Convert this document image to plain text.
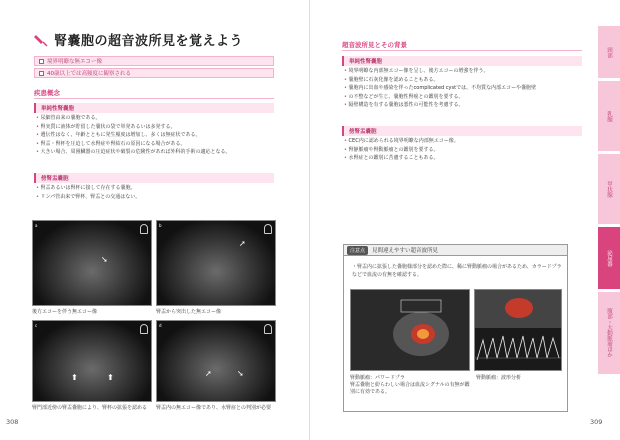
腎嚢胞の超音波所見を覚えよう
境界明瞭な無エコー像
40歳以上では高頻度に観察される
疾患概念
単純性腎嚢胞
• 尿細管由来の嚢胞である。
• 腎実質に液体が貯留した嚢状の袋で単発あるいは多発する。
• 遺伝性はなく、年齢とともに発生頻度は増加し、多くは無症状である。
• 腎盂・腎杯を圧迫して水腎症や腎結石の原因になる場合がある。
• 大きい場合、周囲臓器の圧迫症状や破裂の危険性があれば外科的手術の適応となる。
傍腎盂嚢胞
• 腎盂あるいは腎杯に接して存在する嚢胞。
• リンパ管由来で腎杯、腎盂との交通はない。
a
➘
後方エコーを伴う無エコー像
b
➚
腎盂から突出した無エコー像
c
⬆	⬆
腎門部近傍の腎盂嚢胞により、腎杯の拡張を認める
d
➚	➘
腎盂内の無エコー像であり、水腎症との判別が必要
308
超音波所見とその背景
単純性腎嚢胞
• 境界明瞭な内部無エコー像を呈し、後方エコーの増強を伴う。
• 嚢胞壁に石灰化像を認めることもある。
• 嚢胞内に出血や感染を伴ったcomplicated cystでは、不均質な内部エコーや嚢胞壁
• の不整などが生じ、嚢胞性腎癌との鑑別を要する。
• 隔壁構造を有する嚢胞は悪性の可能性を考慮する。
傍腎盂嚢胞
• CEC内に認められる境界明瞭な内部無エコー像。
• 腎静脈瘤や腎動脈瘤との鑑別を要する。
• 水腎症との鑑別に苦慮することもある。
309
注意点	見間違えやすい超音波所見
・腎盂内に拡張した嚢胞様部分を認めた際に、稀に腎動脈瘤の場合があるため、カラードプラなどで血流の有無を確認する。
腎動脈瘤：パワードプラ
腎盂嚢胞と紛らわしい場合は血流シグナルの有無が鑑別に有効である。
腎動脈瘤：波形分析
頸部
乳腺
甲状腺
泌尿器
腹部・大動脈瘤ほか
